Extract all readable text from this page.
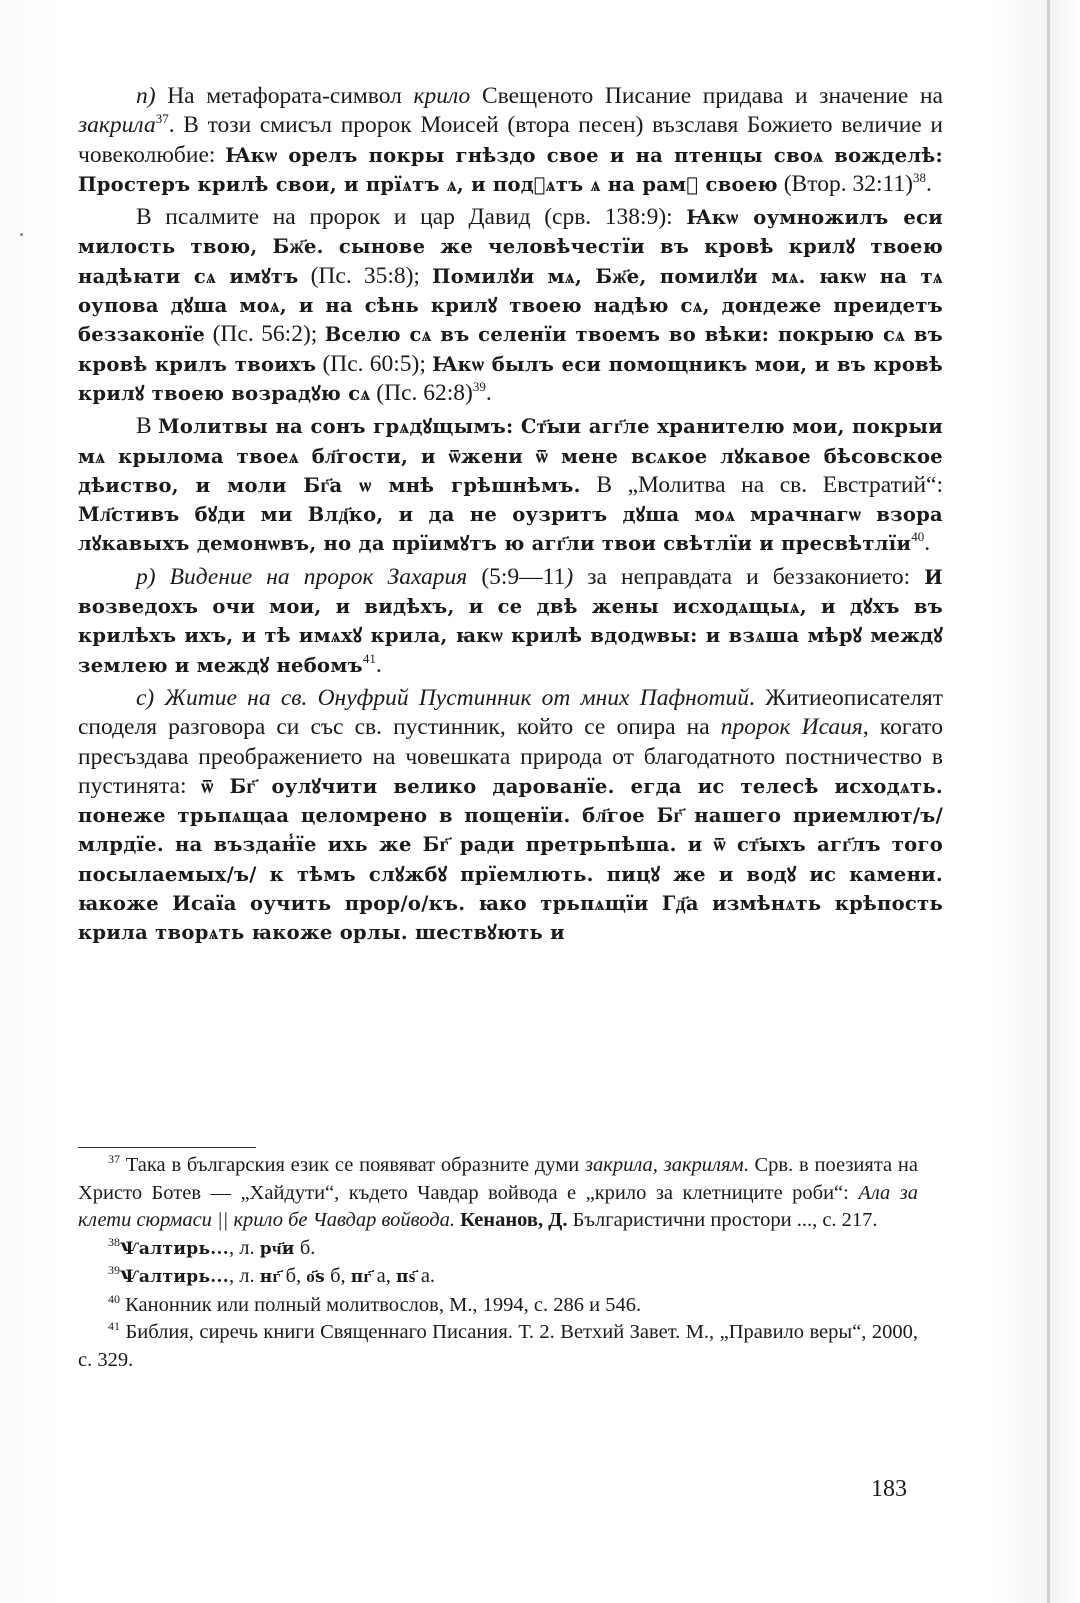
п) На метафората-символ крило Свещеното Писание придава и значение на закрила$^{37}$. В този смисъл пророк Моисей (втора песен) възславя Божието величие и човеколюбие: Ꙗкѡ орелъ покры гнѣздо свое и на птенцы своѧ вожделѣ: Простеръ крилѣ свои, и прїѧтъ ѧ, и под꙽ѧтъ ѧ на рамꙋ своею (Втор. 32:11)$^{38}$.

В псалмите на пророк и цар Давид (срв. 138:9): Ꙗкѡ оумножилъ еси милость твою, Бж҃е. сынове же человѣчестїи въ кровѣ крилꙋ твоею надѣꙗти сѧ имꙋтъ (Пс. 35:8); Помилꙋи мѧ, Бж҃е, помилꙋи мѧ. ꙗкѡ на тѧ оупова дꙋша моѧ, и на сѣнь крилꙋ твоею надѣю сѧ, дондеже преидетъ беззаконїе (Пс. 56:2); Вселю сѧ въ селенїи твоемъ во вѣки: покрыю сѧ въ кровѣ крилъ твоихъ (Пс. 60:5); Ꙗкѡ былъ еси помощникъ мои, и въ кровѣ крилꙋ твоею возрадꙋю сѧ (Пс. 62:8)$^{39}$.

В Молитвы на сонъ грѧдꙋщымъ: Ст҃ыи агг҃ле хранителю мои, покрыи мѧ крылома твоеѧ бл҃гости, и ѿжени ѿ мене всѧкое лꙋкавое бѣсовское дѣиство, и моли Бг҃а ѡ мнѣ грѣшнѣмъ. В „Молитва на св. Евстратий“: Мл҃стивъ бꙋди ми Влд҃ко, и да не оузритъ дꙋша моѧ мрачнагѡ взора лꙋкавыхъ демонѡвъ, но да прїимꙋтъ ю агг҃ли твои свѣтлїи и пресвѣтлїи$^{40}$.

р) Видение на пророк Захария (5:9—11) за неправдата и беззаконието: И возведохъ очи мои, и видѣхъ, и се двѣ жены исходѧщыѧ, и дꙋхъ въ крилѣхъ ихъ, и тѣ имѧхꙋ крила, ꙗкѡ крилѣ вдодѡвы: и взѧша мѣрꙋ междꙋ землею и междꙋ небомъ$^{41}$.

с) Житие на св. Онуфрий Пустинник от мних Пафнотий. Житиеописателят споделя разговора си със св. пустинник, който се опира на пророк Исаия, когато пресъздава преображението на човешката природа от благодатното постничество в пустинята: ѿ Бг҃ оулꙋчити велико дарованїе. егда ис телесѣ исходѧть. понеже трьпѧщаа целомрено в пощенїи. бл҃гое Бг҃ нашего приемлют/ъ/ млрдїе. на въздан̾їе ихь же Бг҃ ради претрьпѣша. и ѿ ст҃ыхъ агг҃лъ того посылаемых/ъ/ к тѣмъ слꙋжбꙋ прїемлють. пицꙋ же и водꙋ ис камени. ꙗкоже Исаїа оучить прор/о/къ. ꙗко трьпѧщїи Гд҃а измѣнѧть крѣпость крила творѧть ꙗкоже орлы. шествꙋють и

$^{37}$ Така в българския език се появяват образните думи закрила, закрилям. Срв. в поезията на Христо Ботев — „Хайдути“, където Чавдар войвода е „крило за клетниците роби“: Ала за клети сюрмаси || крило бе Чавдар войвода. Кенанов, Д. Българистични простори ..., с. 217.

$^{38}$Ѱалтирь..., л. рч҃и б.

$^{39}$Ѱалтирь..., л. нг҃ б, о҃s б, пг҃ а, пѕ҃ а.

$^{40}$ Канонник или полный молитвослов, М., 1994, с. 286 и 546.

$^{41}$ Библия, сиречь книги Священнаго Писания. Т. 2. Ветхий Завет. М., „Правило веры“, 2000, с. 329.

183
